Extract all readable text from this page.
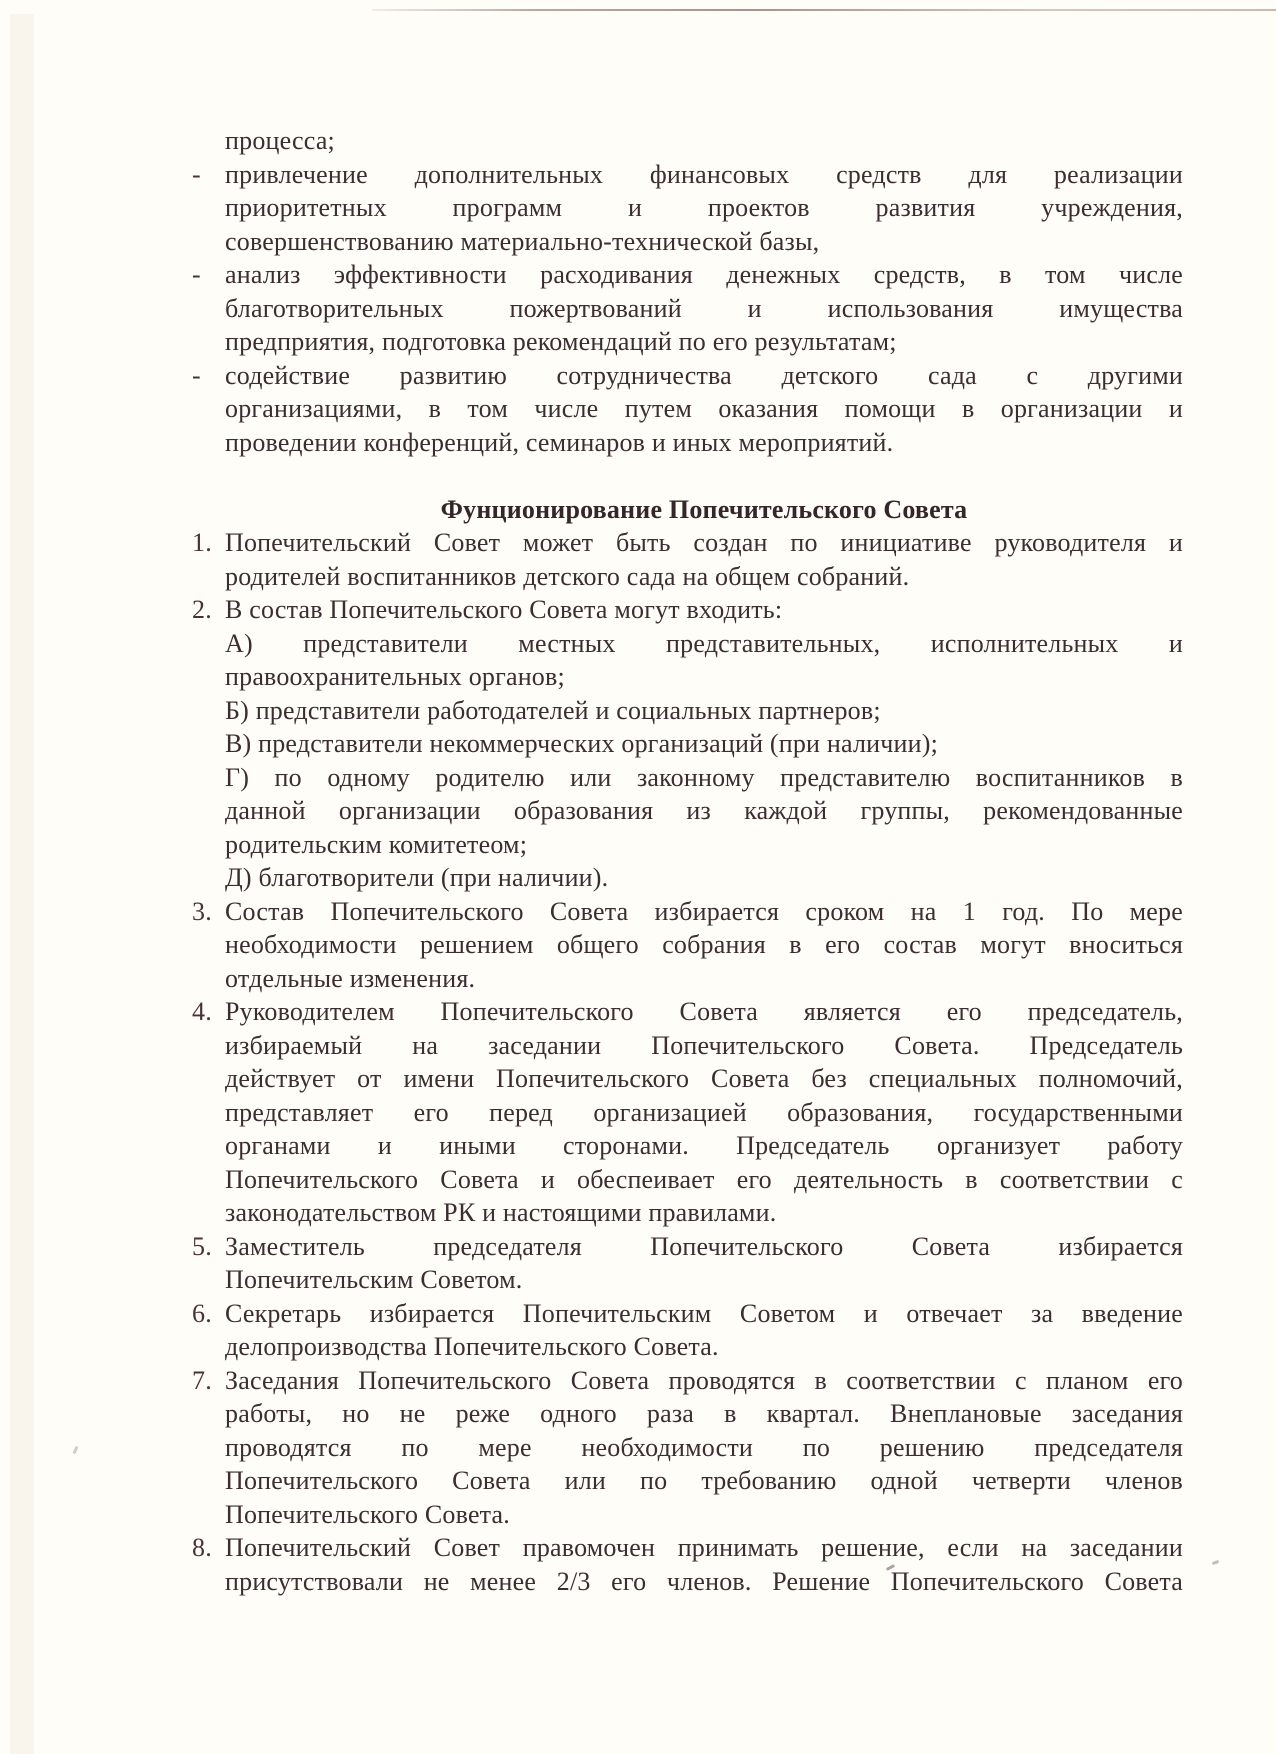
процесса;
- привлечение дополнительных финансовых средств для реализации
приоритетных программ и проектов развития учреждения,
совершенствованию материально-технической базы,
- анализ эффективности расходивания денежных средств, в том числе
благотворительных пожертвований и использования имущества
предприятия, подготовка рекомендаций по его результатам;
- содействие развитию сотрудничества детского сада с другими
организациями, в том числе путем оказания помощи в организации и
проведении конференций, семинаров и иных мероприятий.
Фунционирование Попечительского Совета
1. Попечительский Совет может быть создан по инициативе руководителя и
родителей воспитанников детского сада на общем собраний.
2. В состав Попечительского Совета могут входить:
А) представители местных представительных, исполнительных и
правоохранительных органов;
Б) представители работодателей и социальных партнеров;
В) представители некоммерческих организаций (при наличии);
Г) по одному родителю или законному представителю воспитанников в
данной организации образования из каждой группы, рекомендованные
родительским комитетеом;
Д) благотворители (при наличии).
3. Состав Попечительского Совета избирается сроком на 1 год. По мере
необходимости решением общего собрания в его состав могут вноситься
отдельные изменения.
4. Руководителем Попечительского Совета является его председатель,
избираемый на заседании Попечительского Совета. Председатель
действует от имени Попечительского Совета без специальных полномочий,
представляет его перед организацией образования, государственными
органами и иными сторонами. Председатель организует работу
Попечительского Совета и обеспеивает его деятельность в соответствии с
законодательством РК и настоящими правилами.
5. Заместитель председателя Попечительского Совета избирается
Попечительским Советом.
6. Секретарь избирается Попечительским Советом и отвечает за введение
делопроизводства Попечительского Совета.
7. Заседания Попечительского Совета проводятся в соответствии с планом его
работы, но не реже одного раза в квартал. Внеплановые заседания
проводятся по мере необходимости по решению председателя
Попечительского Совета или по требованию одной четверти членов
Попечительского Совета.
8. Попечительский Совет правомочен принимать решение, если на заседании
присутствовали не менее 2/3 его членов. Решение Попечительского Совета
